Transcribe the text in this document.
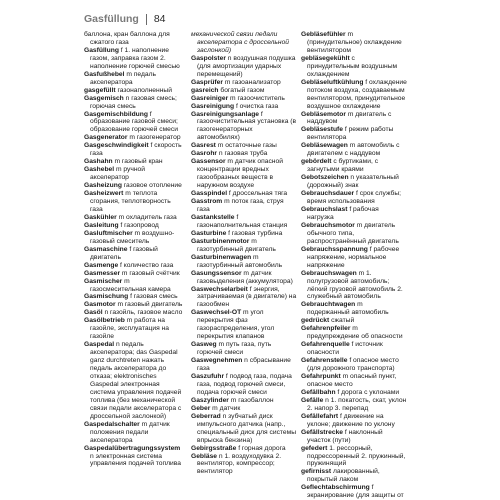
Gasfüllung 84

баллона, кран баллона для сжатого газа

Gasfüllung f 1. наполнение газом, заправка газом 2. наполнение горючей смесью

Gasfußhebel m педаль акселератора

gasgefüllt газонаполненный

Gasgemisch n газовая смесь; горючая смесь

Gasgemischbildung f образование газовой смеси; образование горючей смеси

Gasgenerator m газогенератор

Gasgeschwindigkeit f скорость газа

Gashahn m газовый кран

Gashebel m ручной акселератор

Gasheizung газовое отопление

Gasheizwert m теплота сгорания, теплотворность газа

Gaskühler m охладитель газа

Gasleitung f газопровод

Gasluftmischer m воздушно-газовый смеситель

Gasmaschine f газовый двигатель

Gasmenge f количество газа

Gasmesser m газовый счётчик

Gasmischer m газосмесительная камера

Gasmischung f газовая смесь

Gasmotor m газовый двигатель

Gasöl n газойль, газовое масло

Gasölbetrieb m работа на газойле, эксплуатация на газойле

Gaspedal n педаль акселератора; das Gaspedal ganz durchtreten нажать педаль акселератора до отказа; elektronisches Gaspedal электронная система управления подачей топлива (без механической связи педали акселератора с дроссельной заслонкой)

Gaspedalschalter m датчик положения педали акселератора

Gaspedalübertragungssystem n электронная система управления подачей топлива

механической связи педали акселератора с дроссельной заслонкой)

Gaspolster n воздушная подушка (для амортизации ударных перемещений)

Gasprüfer m газоанализатор

gasreich богатый газом

Gasreiniger m газоочиститель

Gasreinigung f очистка газа

Gasreinigungsanlage f газоочистительная установка (в газогенераторных автомобилях)

Gasrest m остаточные газы

Gasrohr n газовая труба

Gassensor m датчик опасной концентрации вредных газообразных веществ в наружном воздухе

Gasspindel f дроссельная тяга

Gasstrom m поток газа, струя газа

Gastankstelle f газонаполнительная станция

Gasturbine f газовая турбина

Gasturbinenmotor m газотурбинный двигатель

Gasturbinenwagen m газотурбинный автомобиль

Gasungssensor m датчик газовыделения (аккумулятора)

Gaswechselarbeit f энергия, затрачиваемая (в двигателе) на газообмен

Gaswechsel-OT m угол перекрытия фаз газораспределения, угол перекрытия клапанов

Gasweg m путь газа, путь горючей смеси

Gaswegnehmen n сбрасывание газа

Gaszufuhr f подвод газа, подача газа, подвод горючей смеси, подача горючей смеси

Gaszylinder m газобаллон

Geber m датчик

Geberrad n зубчатый диск импульсного датчика (напр., специальный диск для системы впрыска бензина)

Gebirgsstraße f горная дорога

Gebläse n 1. воздуходувка 2. вентилятор, компрессор; вентилятор

Gebläsefühler m (принудительное) охлаждение вентилятором

gebläsegekühlt с принудительным воздушным охлаждением

Gebläseluftkühlung f охлаждение потоком воздуха, создаваемым вентилятором, принудительное воздушное охлаждение

Gebläsemotor m двигатель с наддувом

Gebläsestufe f режим работы вентилятора

Gebläsewagen m автомобиль с двигателем с наддувом

gebördelt с буртиками, с загнутыми краями

Gebotszeichen n указательный (дорожный) знак

Gebrauchsdauer f срок службы; время использования

Gebrauchslast f рабочая нагрузка

Gebrauchsmotor m двигатель обычного типа, распространённый двигатель

Gebrauchsspannung f рабочее напряжение, нормальное напряжение

Gebrauchswagen m 1. полугрузовой автомобиль; лёгкий грузовой автомобиль 2. служебный автомобиль

Gebrauchtwagen m подержанный автомобиль

gedrückt сжатый

Gefahrenpfeiler m предупреждение об опасности

Gefahrenquelle f источник опасности

Gefahrenstelle f опасное место (для дорожного транспорта)

Gefahrpunkt m опасный пункт, опасное место

Gefällbahn f дорога с уклонами

Gefälle n 1. покатость, скат, уклон 2. напор 3. перепад

Gefällefahrt f движение на уклоне; движение по уклону

Gefällstrecke f наклонный участок (пути)

gefedert 1. рессорный, подрессоренный 2. пружинный, пружинящий

gefirnisst лакированный, покрытый лаком

Geflechtabschirmung f экранирование (для защиты от
